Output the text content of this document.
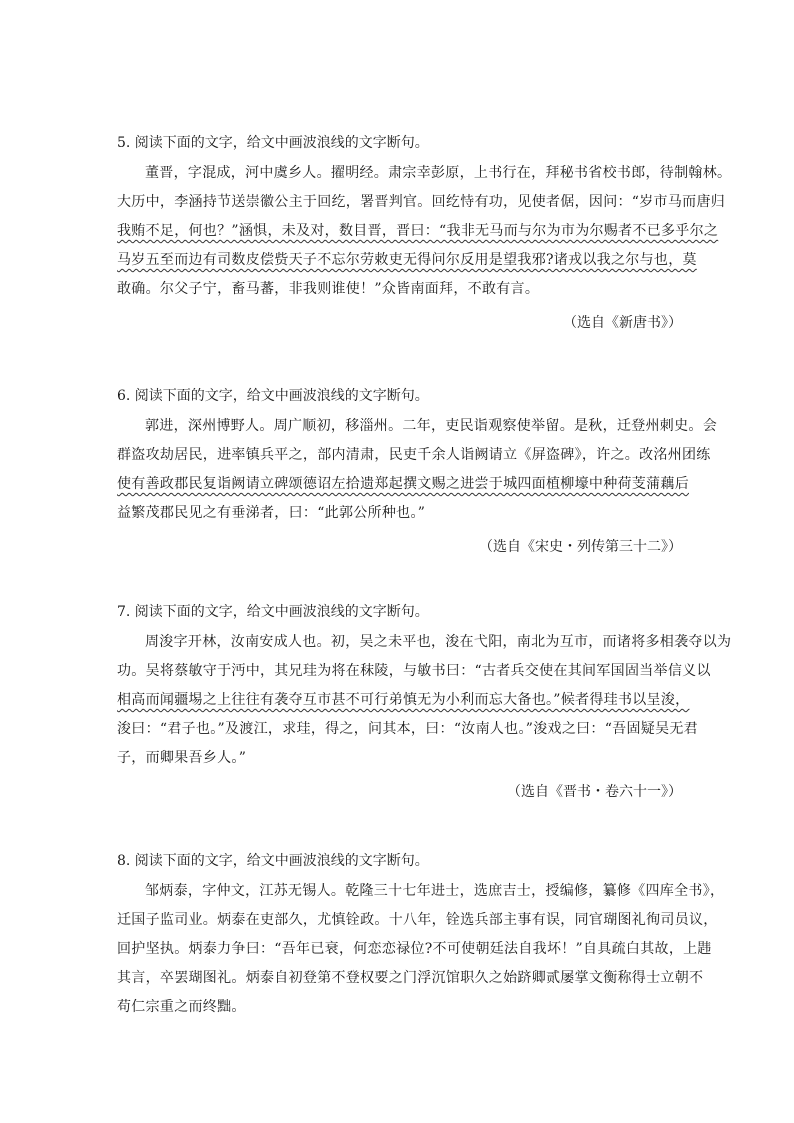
5. 阅读下面的文字，给文中画波浪线的文字断句。

董晋，字混成，河中虞乡人。擢明经。肃宗幸彭原，上书行在，拜秘书省校书郎，待制翰林。

大历中，李涵持节送崇徽公主于回纥，署晋判官。回纥恃有功，见使者倨，因问：“岁市马而唐归

我贿不足，何也？”涵惧，未及对，数目晋，晋曰：“我非无马而与尔为市为尔赐者不已多乎尔之

马岁五至而边有司数皮偿赀天子不忘尔劳敕吏无得问尔反用是望我邪?诸戎以我之尔与也，莫

敢确。尔父子宁，畜马蕃，非我则谁使！”众皆南面拜，不敢有言。

（选自《新唐书》）

6. 阅读下面的文字，给文中画波浪线的文字断句。

郭进，深州博野人。周广顺初，移淄州。二年，吏民诣观察使举留。是秋，迁登州刺史。会

群盗攻劫居民，进率镇兵平之，部内清肃，民吏千余人诣阙请立《屏盗碑》，许之。改洺州团练

使有善政郡民复诣阙请立碑颂德诏左拾遗郑起撰文赐之进尝于城四面植柳壕中种荷芰蒲藕后

益繁茂郡民见之有垂涕者，曰：“此郭公所种也。”

（选自《宋史・列传第三十二》）

7. 阅读下面的文字，给文中画波浪线的文字断句。

周浚字开林，汝南安成人也。初，吴之未平也，浚在弋阳，南北为互市，而诸将多相袭夺以为

功。吴将蔡敏守于沔中，其兄珪为将在秣陵，与敏书曰：“古者兵交使在其间军国固当举信义以

相高而闻疆埸之上往往有袭夺互市甚不可行弟慎无为小利而忘大备也。”候者得珪书以呈浚，

浚曰：“君子也。”及渡江，求珪，得之，问其本，曰：“汝南人也。”浚戏之曰：“吾固疑吴无君

子，而卿果吾乡人。”

（选自《晋书・卷六十一》）

8. 阅读下面的文字，给文中画波浪线的文字断句。

邹炳泰，字仲文，江苏无锡人。乾隆三十七年进士，选庶吉士，授编修，纂修《四库全书》，

迁国子监司业。炳泰在吏部久，尤慎铨政。十八年，铨选兵部主事有误，同官瑚图礼徇司员议，

回护坚执。炳泰力争曰：“吾年已衰，何恋恋禄位?不可使朝廷法自我坏！”自具疏白其故，上韪

其言，卒罢瑚图礼。炳泰自初登第不登权要之门浮沉馆职久之始跻卿贰屡掌文衡称得士立朝不

苟仁宗重之而终黜。
